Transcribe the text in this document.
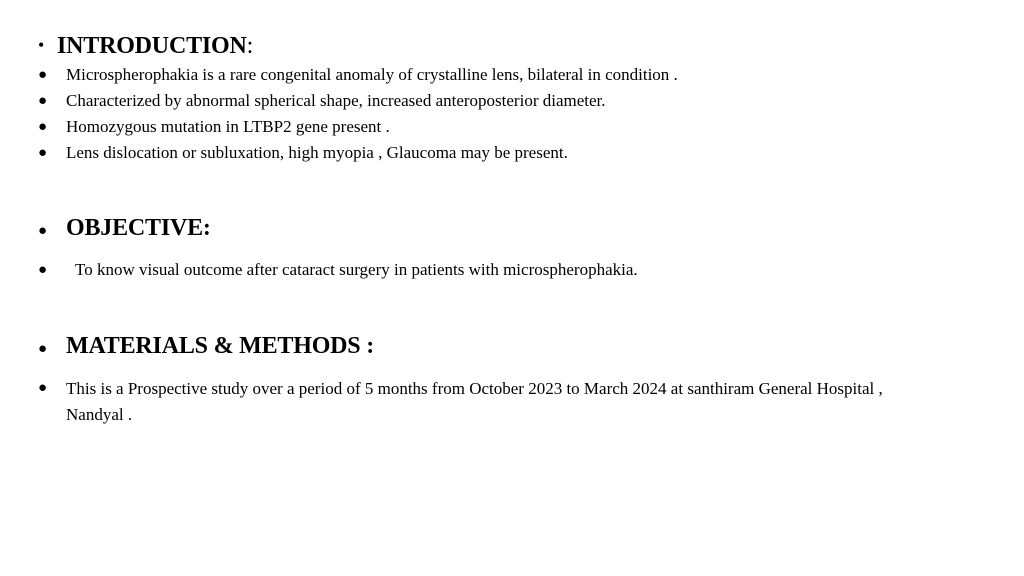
• INTRODUCTION:
● Microspherophakia is a rare congenital anomaly of crystalline lens, bilateral in condition .
● Characterized by abnormal spherical shape, increased anteroposterior diameter.
● Homozygous mutation in LTBP2 gene present .
● Lens dislocation or subluxation, high myopia , Glaucoma may be present.
● OBJECTIVE:
● To know visual outcome after cataract surgery in patients with microspherophakia.
● MATERIALS & METHODS :
● This is a Prospective study over a period of 5 months from October 2023 to March 2024 at santhiram General Hospital , Nandyal .
